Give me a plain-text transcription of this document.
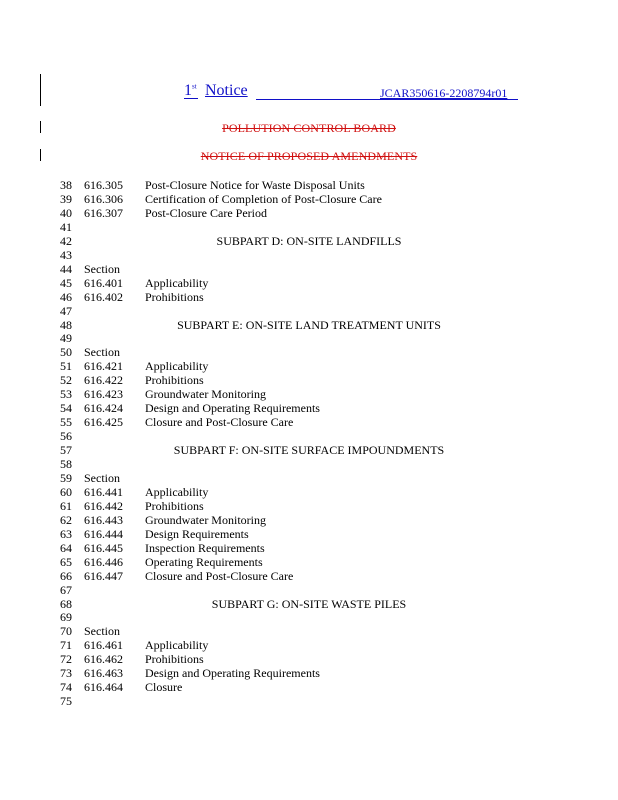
1st Notice	JCAR350616-2208794r01
POLLUTION CONTROL BOARD
NOTICE OF PROPOSED AMENDMENTS
38 616.305 Post-Closure Notice for Waste Disposal Units
39 616.306 Certification of Completion of Post-Closure Care
40 616.307 Post-Closure Care Period
41
42	SUBPART D: ON-SITE LANDFILLS
43
44 Section
45 616.401 Applicability
46 616.402 Prohibitions
47
48	SUBPART E: ON-SITE LAND TREATMENT UNITS
49
50 Section
51 616.421 Applicability
52 616.422 Prohibitions
53 616.423 Groundwater Monitoring
54 616.424 Design and Operating Requirements
55 616.425 Closure and Post-Closure Care
56
57	SUBPART F: ON-SITE SURFACE IMPOUNDMENTS
58
59 Section
60 616.441 Applicability
61 616.442 Prohibitions
62 616.443 Groundwater Monitoring
63 616.444 Design Requirements
64 616.445 Inspection Requirements
65 616.446 Operating Requirements
66 616.447 Closure and Post-Closure Care
67
68	SUBPART G: ON-SITE WASTE PILES
69
70 Section
71 616.461 Applicability
72 616.462 Prohibitions
73 616.463 Design and Operating Requirements
74 616.464 Closure
75
